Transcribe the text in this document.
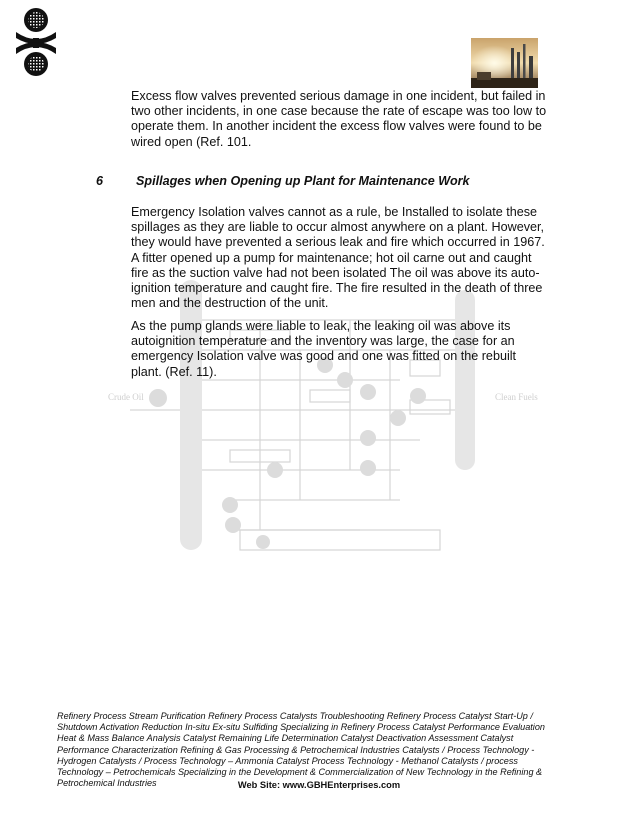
Crude Oil	Clean Fuels

Excess flow valves prevented serious damage in one incident, but failed in two other incidents, in one case because the rate of escape was too low to operate them. In another incident the excess flow valves were found to be wired open (Ref. 101.

6	Spillages when Opening up Plant for Maintenance Work

Emergency Isolation valves cannot as a rule, be Installed to isolate these spillages as they are liable to occur almost anywhere on a plant. However, they would have prevented a serious leak and fire which occurred in 1967. A fitter opened up a pump for maintenance; hot oil carne out and caught fire as the suction valve had not been isolated The oil was above its auto-ignition temperature and caught fire. The fire resulted in the death of three men and the destruction of the unit.

As the pump glands were liable to leak, the leaking oil was above its autoignition temperature and the inventory was large, the case for an emergency Isolation valve was good and one was fitted on the rebuilt plant. (Ref. 11).

Refinery Process Stream Purification Refinery Process Catalysts Troubleshooting Refinery Process Catalyst Start-Up / Shutdown Activation Reduction In-situ Ex-situ Sulfiding Specializing in Refinery Process Catalyst Performance Evaluation Heat & Mass Balance Analysis Catalyst Remaining Life Determination Catalyst Deactivation Assessment Catalyst Performance Characterization Refining & Gas Processing & Petrochemical Industries Catalysts / Process Technology - Hydrogen Catalysts / Process Technology – Ammonia Catalyst Process Technology - Methanol Catalysts / process Technology – Petrochemicals Specializing in the Development & Commercialization of New Technology in the Refining & Petrochemical Industries	Web Site: www.GBHEnterprises.com
